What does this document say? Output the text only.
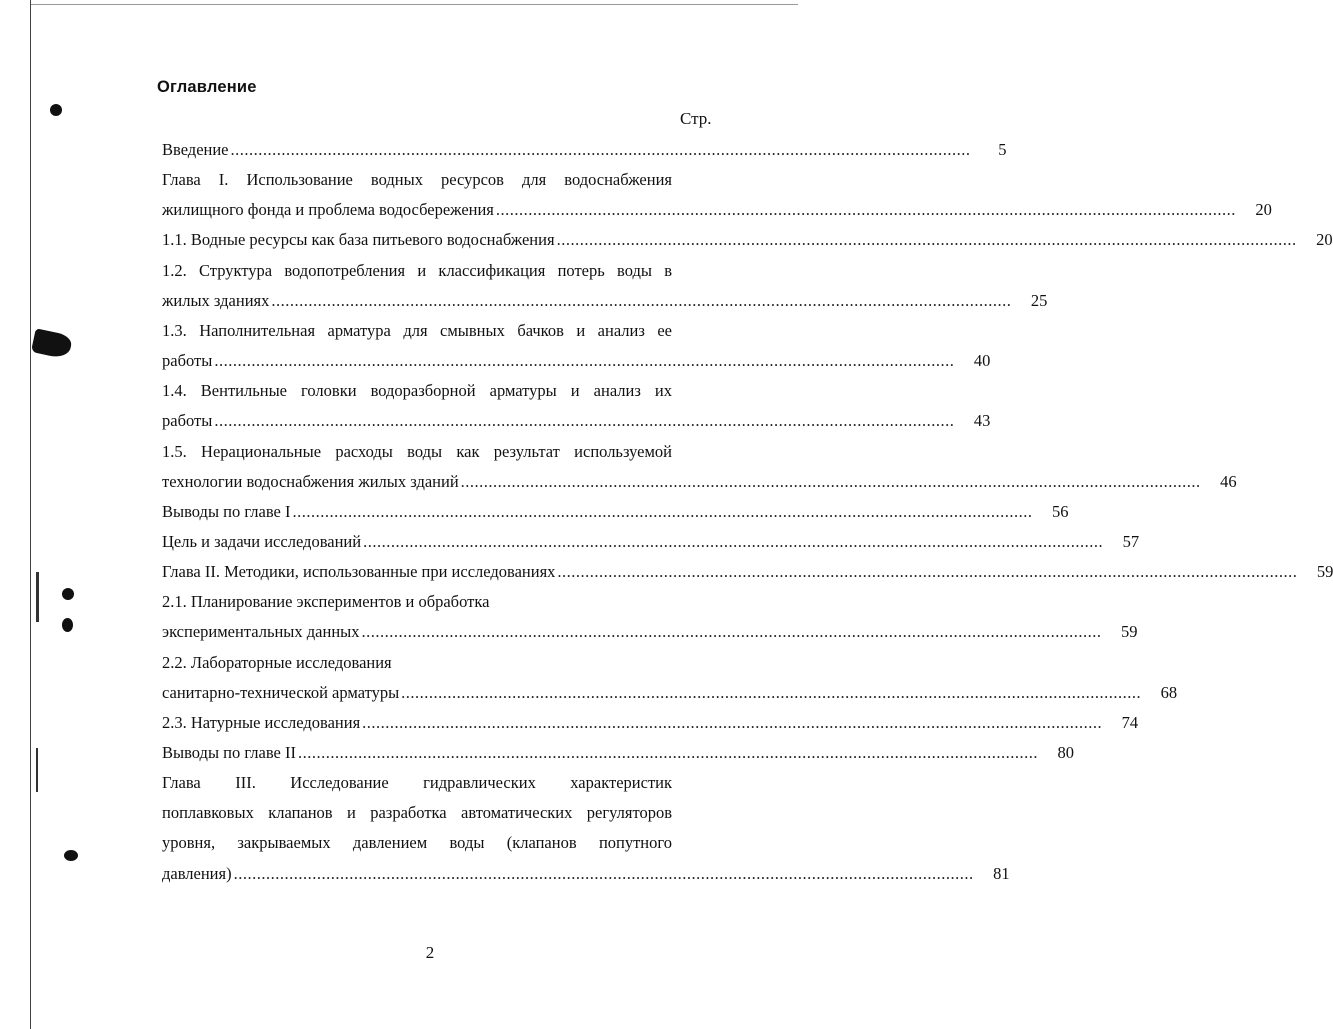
Оглавление
Стр.
Введение ................................................................................................................................................................	5
Глава I. Использование водных ресурсов для водоснабжения
жилищного фонда и проблема водосбережения ................................................................................................................................................................	20
1.1. Водные ресурсы как база питьевого водоснабжения ................................................................................................................................................................	20
1.2. Структура водопотребления и классификация потерь воды в
жилых зданиях ................................................................................................................................................................	25
1.3. Наполнительная арматура для смывных бачков и анализ ее
работы ................................................................................................................................................................	40
1.4. Вентильные головки водоразборной арматуры и анализ их
работы ................................................................................................................................................................	43
1.5. Нерациональные расходы воды как результат используемой
технологии водоснабжения жилых зданий ................................................................................................................................................................	46
Выводы по главе I ................................................................................................................................................................	56
Цель и задачи исследований ................................................................................................................................................................	57
Глава II. Методики, использованные при исследованиях ................................................................................................................................................................	59
2.1. Планирование экспериментов и обработка
экспериментальных данных ................................................................................................................................................................	59
2.2. Лабораторные исследования
санитарно-технической арматуры ................................................................................................................................................................	68
2.3. Натурные исследования ................................................................................................................................................................	74
Выводы по главе II ................................................................................................................................................................	80
Глава III. Исследование гидравлических характеристик
поплавковых клапанов и разработка автоматических регуляторов
уровня, закрываемых давлением воды (клапанов попутного
давления) ................................................................................................................................................................	81
2
